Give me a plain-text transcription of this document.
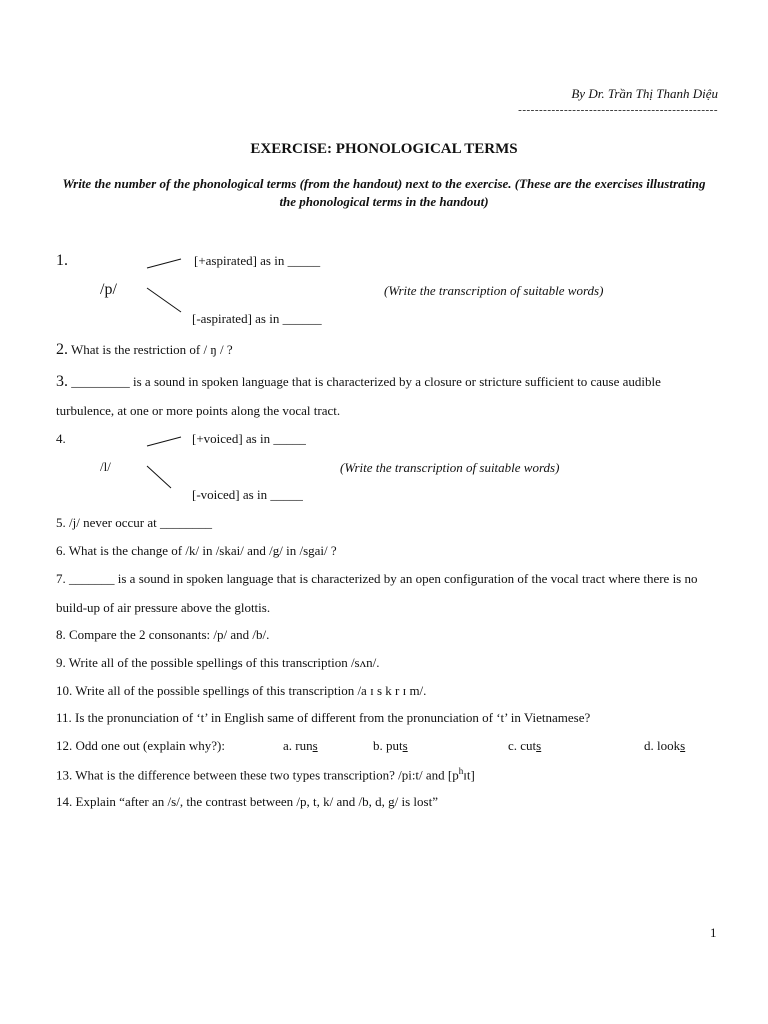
By Dr. Trần Thị Thanh Diệu
------------------------------------------------
EXERCISE: PHONOLOGICAL TERMS
Write the number of the phonological terms (from the handout) next to the exercise. (These are the exercises illustrating the phonological terms in the handout)
1.
/p/
[+aspirated] as in _____
(Write the transcription of suitable words)
[-aspirated] as in ______
2. What is the restriction of / ŋ / ?
3. _________ is a sound in spoken language that is characterized by a closure or stricture sufficient to cause audible turbulence, at one or more points along the vocal tract.
4.
/l/
[+voiced] as in _____
(Write the transcription of suitable words)
[-voiced] as in _____
5. /j/ never occur at ________
6. What is the change of /k/ in /skai/ and /g/ in /sgai/ ?
7. _______ is a sound in spoken language that is characterized by an open configuration of the vocal tract where there is no build-up of air pressure above the glottis.
8. Compare the 2 consonants: /p/ and /b/.
9. Write all of the possible spellings of this transcription /sʌn/.
10. Write all of the possible spellings of this transcription /a ɪ s k r ɪ m/.
11. Is the pronunciation of ‘t’ in English same of different from the pronunciation of ‘t’ in Vietnamese?
12. Odd one out (explain why?):	a. runs	b. puts	c. cuts	d. looks
13. What is the difference between these two types transcription? /pi:t/ and $[p^hɪt]$
14. Explain “after an /s/, the contrast between /p, t, k/ and /b, d, g/ is lost”
1
